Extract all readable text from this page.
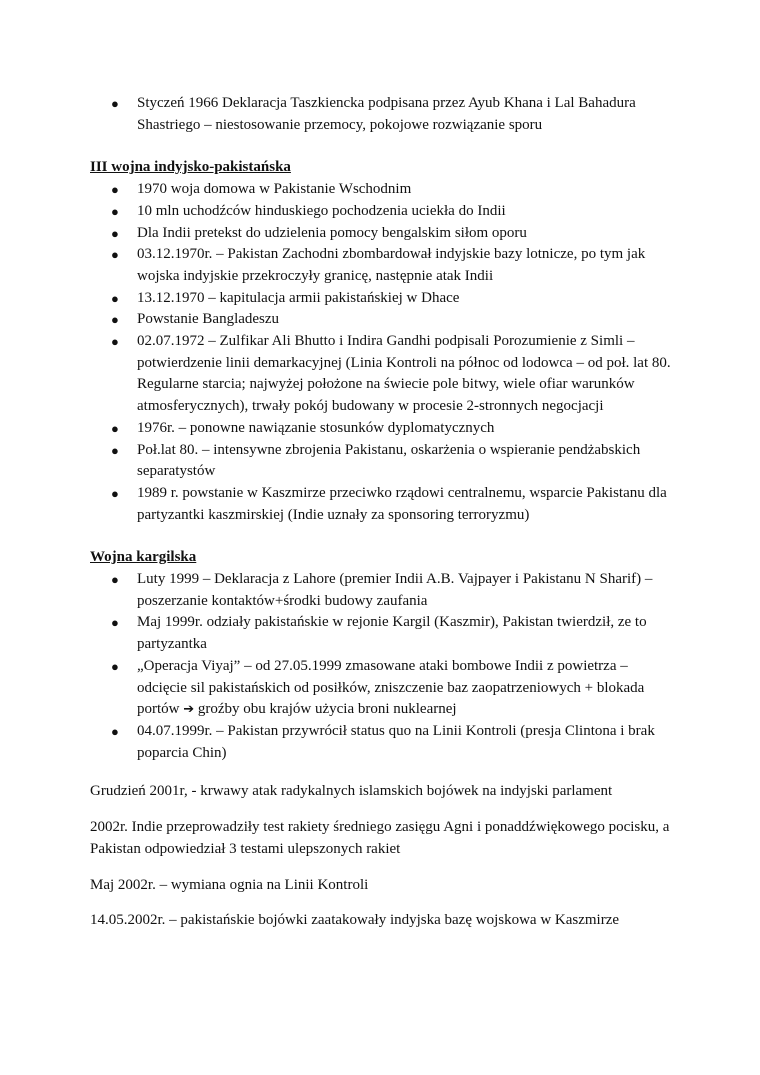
● Styczeń 1966 Deklaracja Taszkiencka podpisana przez Ayub Khana i Lal Bahadura Shastriego – niestosowanie przemocy, pokojowe rozwiązanie sporu
III wojna indyjsko-pakistańska
● 1970 woja domowa w Pakistanie Wschodnim
● 10 mln uchodźców hinduskiego pochodzenia uciekła do Indii
● Dla Indii pretekst do udzielenia pomocy bengalskim siłom oporu
● 03.12.1970r. – Pakistan Zachodni zbombardował indyjskie bazy lotnicze, po tym jak wojska indyjskie przekroczyły granicę, następnie atak Indii
● 13.12.1970 – kapitulacja armii pakistańskiej w Dhace
● Powstanie Bangladeszu
● 02.07.1972 – Zulfikar Ali Bhutto i Indira Gandhi podpisali Porozumienie z Simli – potwierdzenie linii demarkacyjnej (Linia Kontroli na północ od lodowca – od poł. lat 80. Regularne starcia; najwyżej położone na świecie pole bitwy, wiele ofiar warunków atmosferycznych), trwały pokój budowany w procesie 2-stronnych negocjacji
● 1976r. – ponowne nawiązanie stosunków dyplomatycznych
● Poł.lat 80. – intensywne zbrojenia Pakistanu, oskarżenia o wspieranie pendżabskich separatystów
● 1989 r. powstanie w Kaszmirze przeciwko rządowi centralnemu, wsparcie Pakistanu dla partyzantki kaszmirskiej (Indie uznały za sponsoring terroryzmu)
Wojna kargilska
● Luty 1999 – Deklaracja z Lahore (premier Indii A.B. Vajpayer i Pakistanu N Sharif) – poszerzanie kontaktów+środki budowy zaufania
● Maj 1999r. odziały pakistańskie w rejonie Kargil (Kaszmir), Pakistan twierdził, ze to partyzantka
● „Operacja Viyaj” – od 27.05.1999 zmasowane ataki bombowe Indii z powietrza – odcięcie sil pakistańskich od posiłków, zniszczenie baz zaopatrzeniowych + blokada portów ➔ groźby obu krajów użycia broni nuklearnej
● 04.07.1999r. – Pakistan przywrócił status quo na Linii Kontroli (presja Clintona i brak poparcia Chin)
Grudzień 2001r, - krwawy atak radykalnych islamskich bojówek na indyjski parlament
2002r. Indie przeprowadziły test rakiety średniego zasięgu Agni i ponaddźwiękowego pocisku, a Pakistan odpowiedział 3 testami ulepszonych rakiet
Maj 2002r. – wymiana ognia na Linii Kontroli
14.05.2002r. – pakistańskie bojówki zaatakowały indyjska bazę wojskowa w Kaszmirze
